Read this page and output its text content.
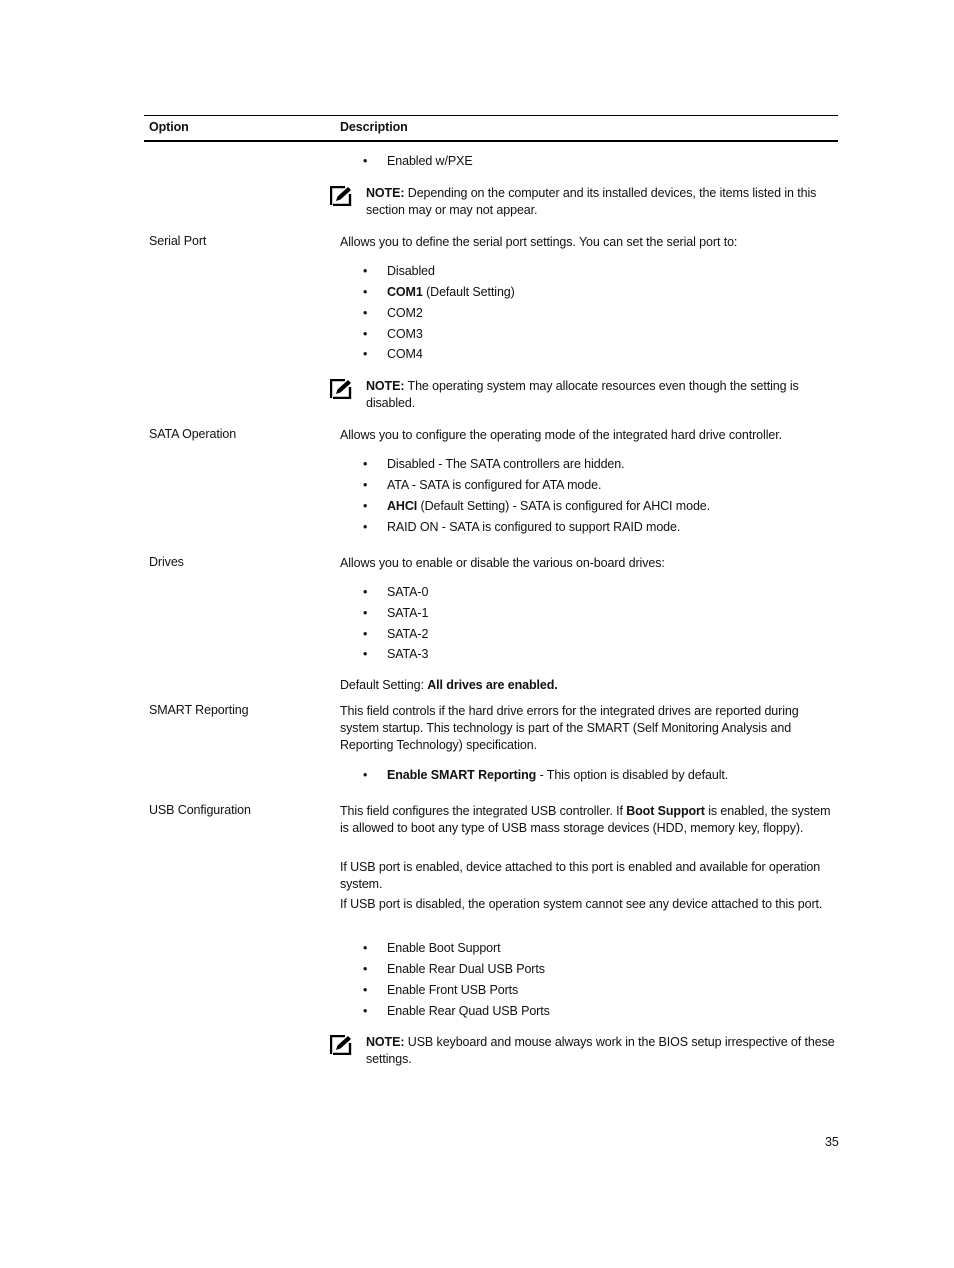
Option	Description
• Enabled w/PXE
NOTE: Depending on the computer and its installed devices, the items listed in this section may or may not appear.
Serial Port	Allows you to define the serial port settings. You can set the serial port to:
• Disabled
• COM1 (Default Setting)
• COM2
• COM3
• COM4
NOTE: The operating system may allocate resources even though the setting is disabled.
SATA Operation	Allows you to configure the operating mode of the integrated hard drive controller.
• Disabled - The SATA controllers are hidden.
• ATA - SATA is configured for ATA mode.
• AHCI (Default Setting) - SATA is configured for AHCI mode.
• RAID ON - SATA is configured to support RAID mode.
Drives	Allows you to enable or disable the various on-board drives:
• SATA-0
• SATA-1
• SATA-2
• SATA-3
Default Setting: All drives are enabled.
SMART Reporting	This field controls if the hard drive errors for the integrated drives are reported during system startup. This technology is part of the SMART (Self Monitoring Analysis and Reporting Technology) specification.
• Enable SMART Reporting - This option is disabled by default.
USB Configuration	This field configures the integrated USB controller. If Boot Support is enabled, the system is allowed to boot any type of USB mass storage devices (HDD, memory key, floppy).
If USB port is enabled, device attached to this port is enabled and available for operation system.
If USB port is disabled, the operation system cannot see any device attached to this port.
• Enable Boot Support
• Enable Rear Dual USB Ports
• Enable Front USB Ports
• Enable Rear Quad USB Ports
NOTE: USB keyboard and mouse always work in the BIOS setup irrespective of these settings.
35
